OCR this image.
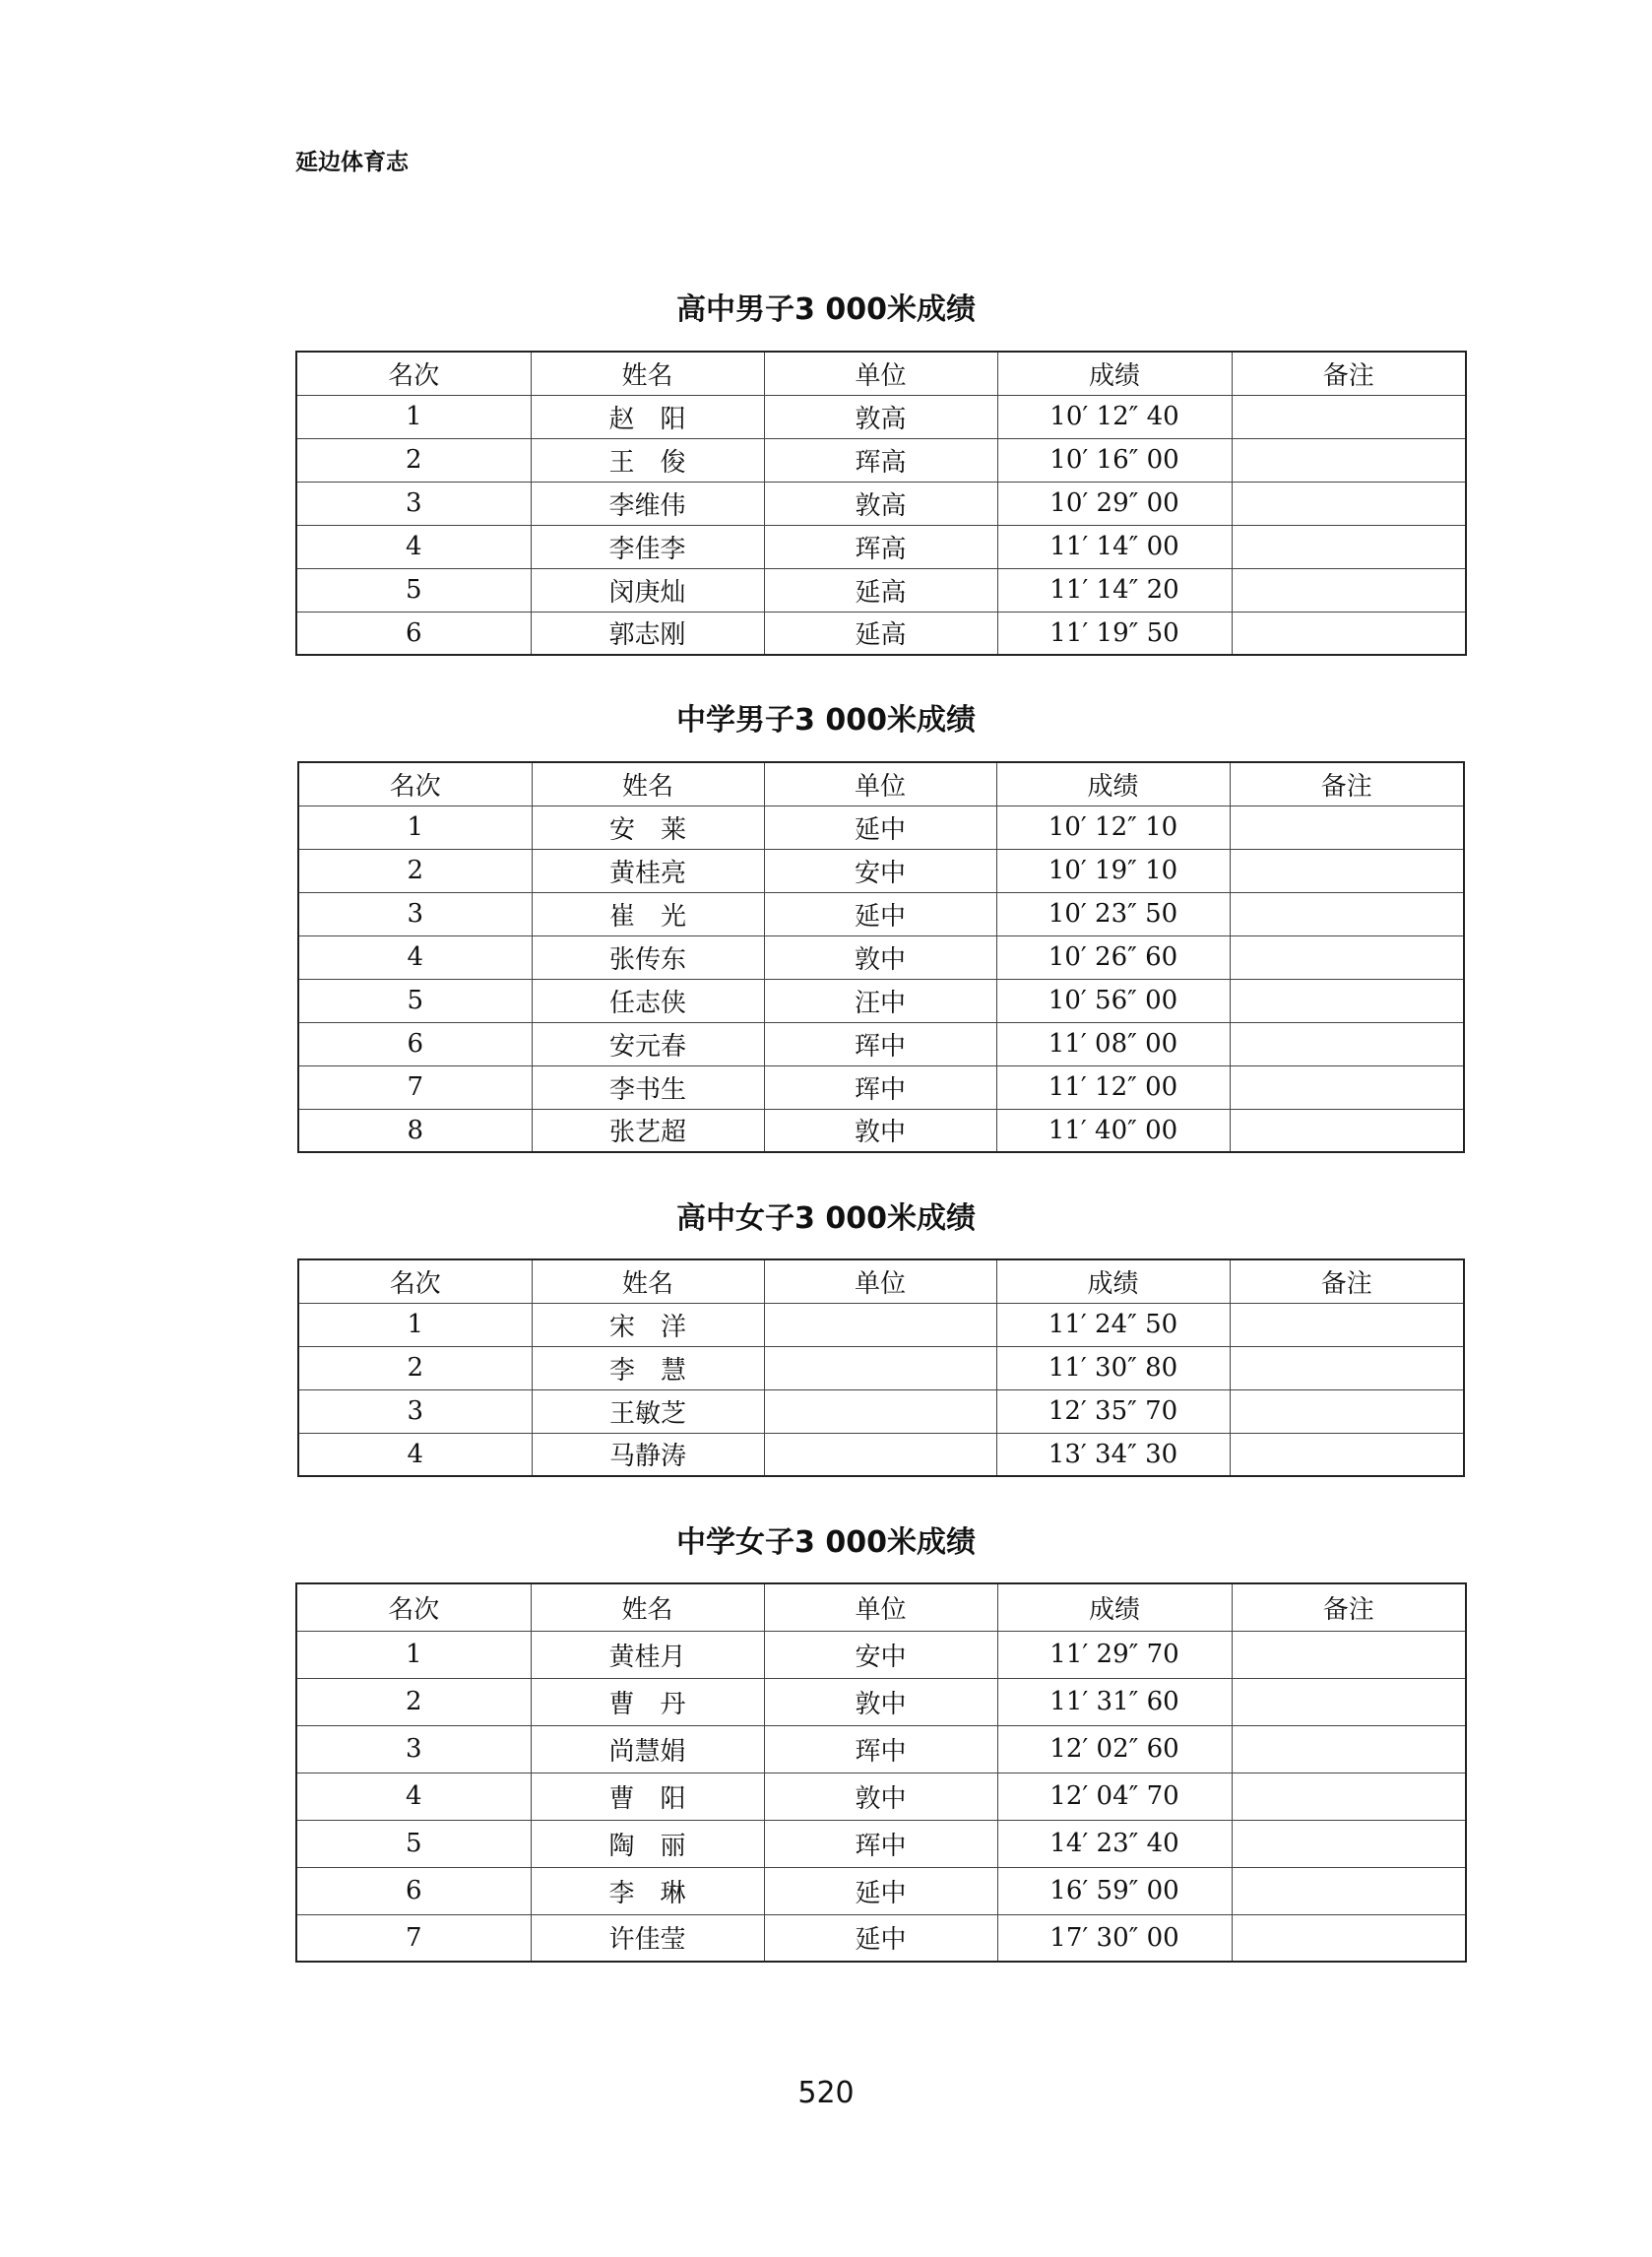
延边体育志
高中男子3 000米成绩
名次	姓名	单位	成绩	备注
1	赵　阳	敦高	10′ 12″ 40	
2	王　俊	珲高	10′ 16″ 00	
3	李维伟	敦高	10′ 29″ 00	
4	李佳李	珲高	11′ 14″ 00	
5	闵庚灿	延高	11′ 14″ 20	
6	郭志刚	延高	11′ 19″ 50	
中学男子3 000米成绩
名次	姓名	单位	成绩	备注
1	安　莱	延中	10′ 12″ 10	
2	黄桂亮	安中	10′ 19″ 10	
3	崔　光	延中	10′ 23″ 50	
4	张传东	敦中	10′ 26″ 60	
5	任志侠	汪中	10′ 56″ 00	
6	安元春	珲中	11′ 08″ 00	
7	李书生	珲中	11′ 12″ 00	
8	张艺超	敦中	11′ 40″ 00	
高中女子3 000米成绩
名次	姓名	单位	成绩	备注
1	宋　洋		11′ 24″ 50	
2	李　慧		11′ 30″ 80	
3	王敏芝		12′ 35″ 70	
4	马静涛		13′ 34″ 30	
中学女子3 000米成绩
名次	姓名	单位	成绩	备注
1	黄桂月	安中	11′ 29″ 70	
2	曹　丹	敦中	11′ 31″ 60	
3	尚慧娟	珲中	12′ 02″ 60	
4	曹　阳	敦中	12′ 04″ 70	
5	陶　丽	珲中	14′ 23″ 40	
6	李　琳	延中	16′ 59″ 00	
7	许佳莹	延中	17′ 30″ 00	
520
